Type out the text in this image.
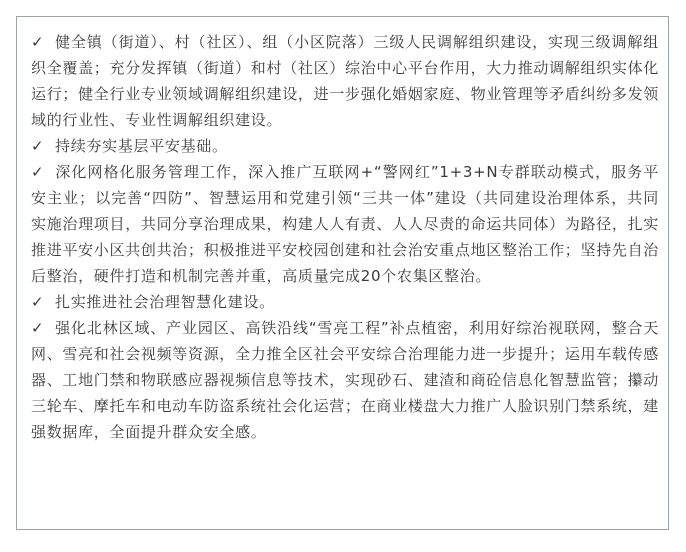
✓ 健全镇（街道）、村（社区）、组（小区院落）三级人民调解组织建设，实现三级调解组织全覆盖；充分发挥镇（街道）和村（社区）综治中心平台作用，大力推动调解组织实体化运行；健全行业专业领域调解组织建设，进一步强化婚姻家庭、物业管理等矛盾纠纷多发领域的行业性、专业性调解组织建设。

✓ 持续夯实基层平安基础。

✓ 深化网格化服务管理工作，深入推广互联网+“警网红”1+3+N专群联动模式，服务平安主业；以完善“四防”、智慧运用和党建引领“三共一体”建设（共同建设治理体系，共同实施治理项目，共同分享治理成果，构建人人有责、人人尽责的命运共同体）为路径，扎实推进平安小区共创共治；积极推进平安校园创建和社会治安重点地区整治工作；坚持先自治后整治，硬件打造和机制完善并重，高质量完成20个农集区整治。

✓ 扎实推进社会治理智慧化建设。

✓ 强化北林区域、产业园区、高铁沿线“雪亮工程”补点植密，利用好综治视联网，整合天网、雪亮和社会视频等资源，全力推全区社会平安综合治理能力进一步提升；运用车载传感器、工地门禁和物联感应器视频信息等技术，实现砂石、建渣和商砼信息化智慧监管；攥动三轮车、摩托车和电动车防盗系统社会化运营；在商业楼盘大力推广人脸识别门禁系统，建强数据库，全面提升群众安全感。
